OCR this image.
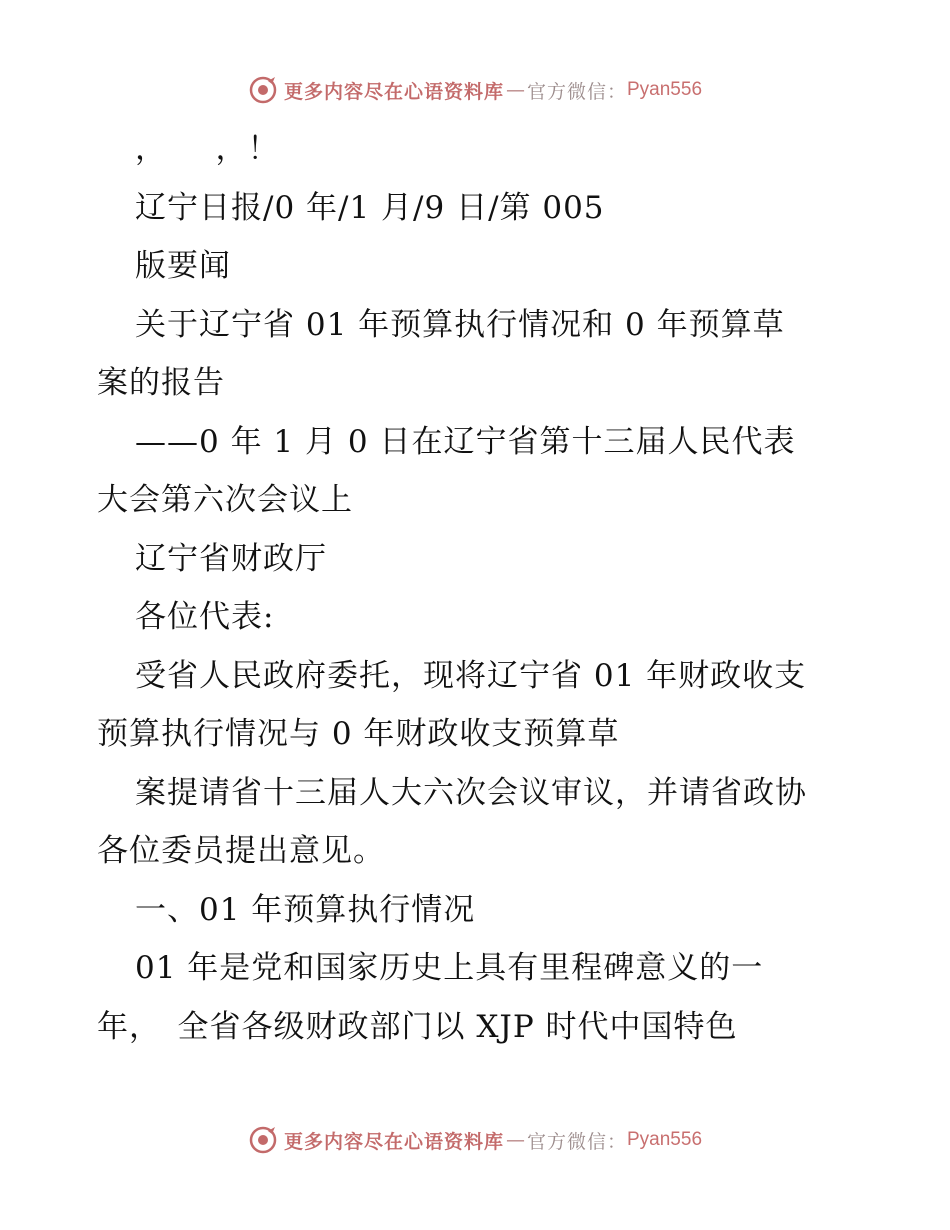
更多内容尽在心语资料库 — 官方微信： Pyan556
，　　，！
辽宁日报/0 年/1 月/9 日/第 005
版要闻
关于辽宁省 01 年预算执行情况和 0 年预算草
案的报告
——0 年 1 月 0 日在辽宁省第十三届人民代表
大会第六次会议上
辽宁省财政厅
各位代表:
受省人民政府委托，现将辽宁省 01 年财政收支
预算执行情况与 0 年财政收支预算草
案提请省十三届人大六次会议审议，并请省政协
各位委员提出意见。
一、01 年预算执行情况
01 年是党和国家历史上具有里程碑意义的一
年，　全省各级财政部门以 XJP 时代中国特色
更多内容尽在心语资料库 — 官方微信： Pyan556
